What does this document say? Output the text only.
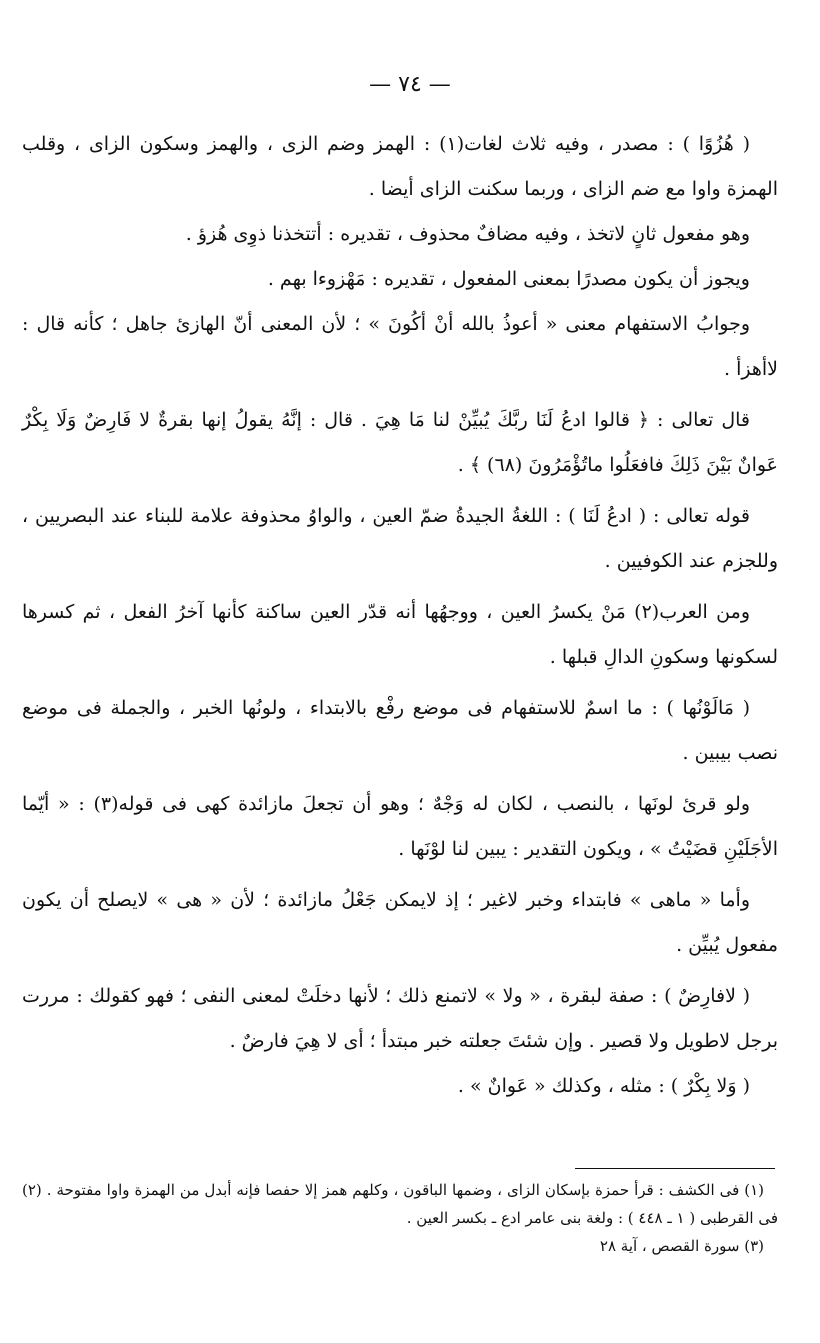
— ٧٤ —

( هُزُوًا ) : مصدر ، وفيه ثلاث لغات(١) : الهمز وضم الزى ، والهمز وسكون الزاى ، وقلب الهمزة واوا مع ضم الزاى ، وربما سكنت الزاى أيضا .

وهو مفعول ثانٍ لاتخذ ، وفيه مضافٌ محذوف ، تقديره : أتتخذنا ذوِى هُزؤ .

ويجوز أن يكون مصدرًا بمعنى المفعول ، تقديره : مَهْزوءا بهم .

وجوابُ الاستفهام معنى « أعوذُ بالله أنْ أكُونَ » ؛ لأن المعنى أنّ الهازئ جاهل ؛ كأنه قال : لاأهزأ .

قال تعالى : ﴿ قالوا ادعُ لَنَا ربَّكَ يُبيِّنْ لنا مَا هِيَ . قال : إنَّهُ يقولُ إنها بقرةٌ لا فَارِضٌ وَلَا بِكْرٌ عَوانٌ بَيْنَ ذَلِكَ فافعَلُوا ماتُؤْمَرُونَ (٦٨) ﴾ .

قوله تعالى : ( ادعُ لَنَا ) : اللغةُ الجيدةُ ضمّ العين ، والواوُ محذوفة علامة للبناء عند البصريين ، وللجزم عند الكوفيين .

ومن العرب(٢) مَنْ يكسرُ العين ، ووجهُها أنه قدّر العين ساكنة كأنها آخرُ الفعل ، ثم كسرها لسكونها وسكونِ الدالِ قبلها .

( مَالَوْنُها ) : ما اسمٌ للاستفهام فى موضع رفْع بالابتداء ، ولونُها الخبر ، والجملة فى موضع نصب بيبين .

ولو قرئ لونَها ، بالنصب ، لكان له وَجْهٌ ؛ وهو أن تجعلَ مازائدة كهى فى قوله(٣) : « أيّما الأجَلَيْنِ قضَيْتُ » ، ويكون التقدير : يبين لنا لوْنَها .

وأما « ماهى » فابتداء وخبر لاغير ؛ إذ لايمكن جَعْلُ مازائدة ؛ لأن « هى » لايصلح أن يكون مفعول يُبيِّن .

( لافارِضٌ ) : صفة لبقرة ، « ولا » لاتمنع ذلك ؛ لأنها دخلَتْ لمعنى النفى ؛ فهو كقولك : مررت برجل لاطويل ولا قصير . وإن شئتَ جعلته خبر مبتدأ ؛ أى لا هِيَ فارضٌ .

( وَلا بِكْرٌ ) : مثله ، وكذلك « عَوانٌ » .

(١) فى الكشف : قرأ حمزة بإسكان الزاى ، وضمها الباقون ، وكلهم همز إلا حفصا فإنه أبدل من الهمزة واوا مفتوحة . (٢) فى القرطبى ( ١ ـ ٤٤٨ ) : ولغة بنى عامر ادع ـ بكسر العين .

(٣) سورة القصص ، آية ٢٨
